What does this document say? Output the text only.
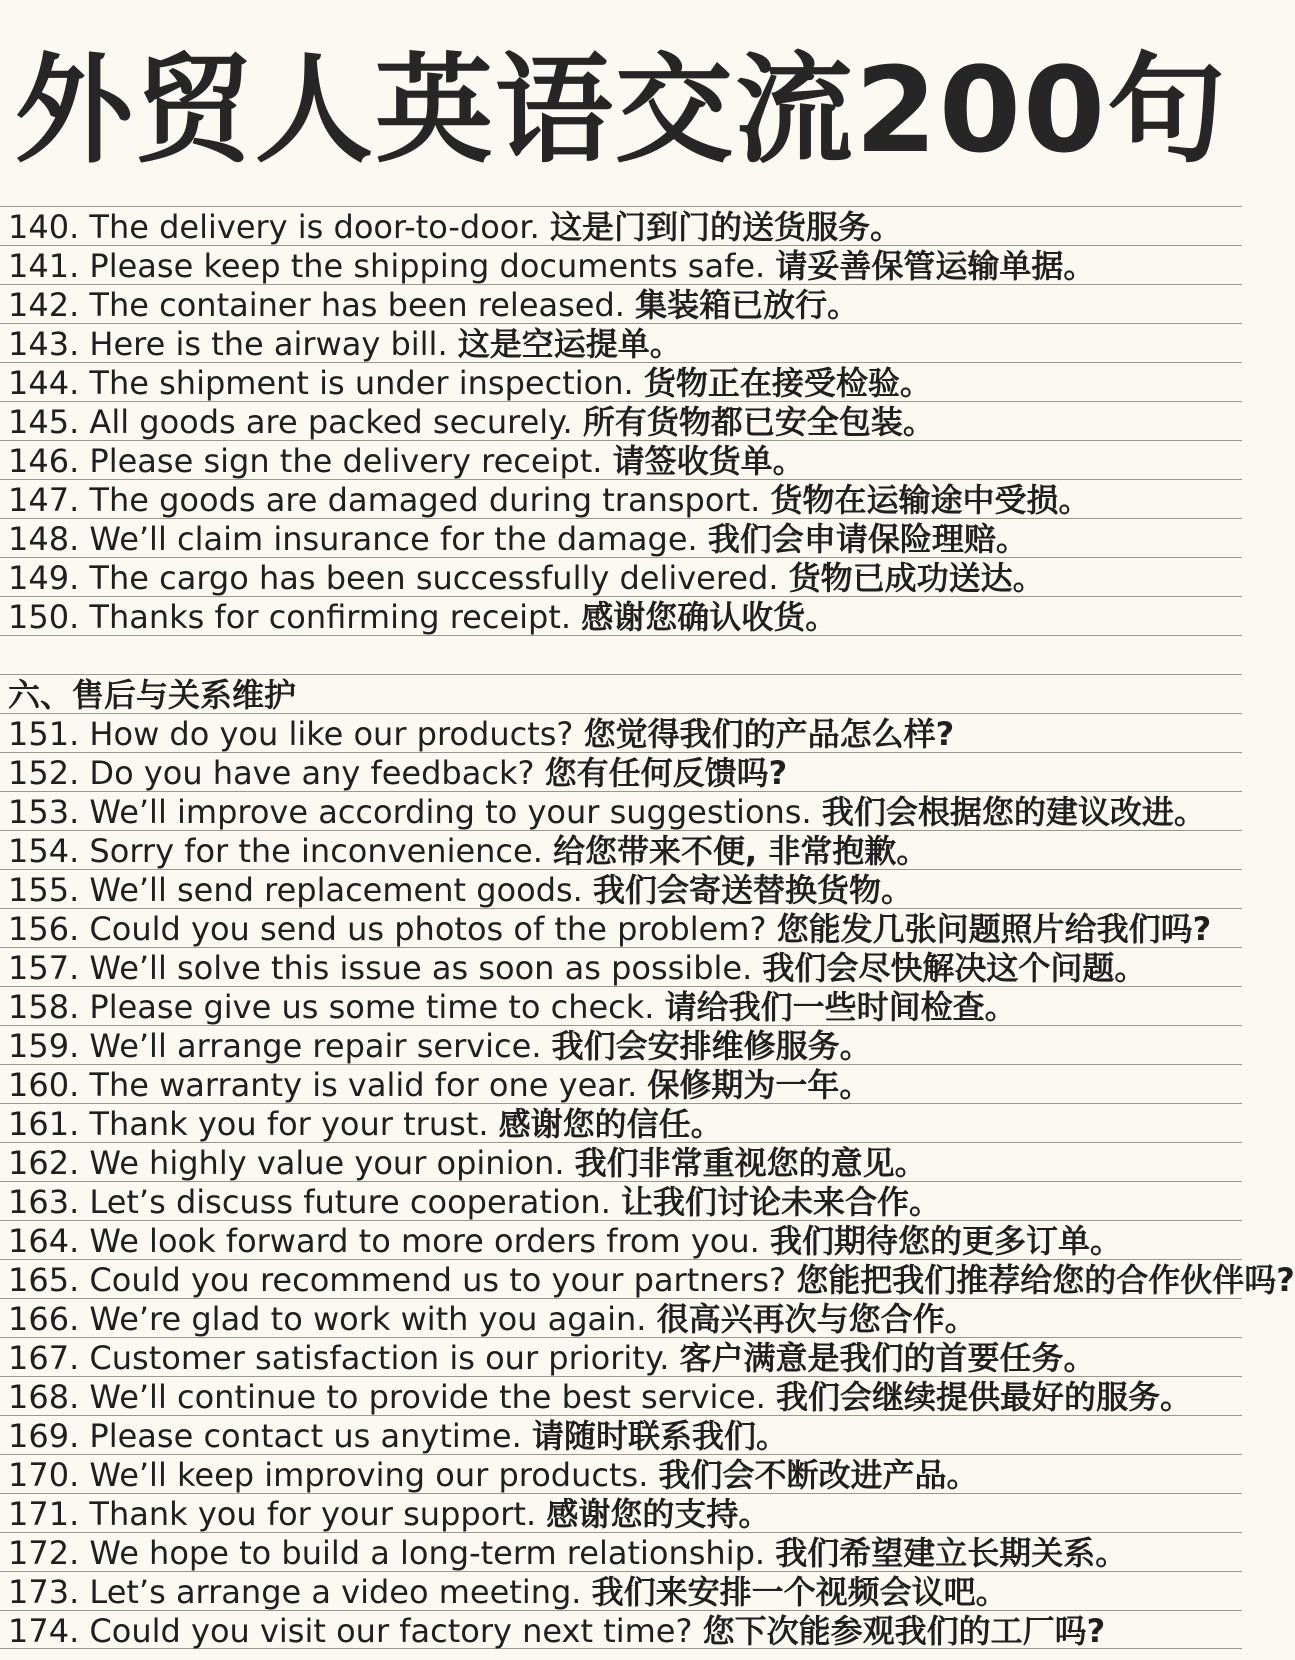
外贸人英语交流200句
140. The delivery is door-to-door. 这是门到门的送货服务。
141. Please keep the shipping documents safe. 请妥善保管运输单据。
142. The container has been released. 集装箱已放行。
143. Here is the airway bill. 这是空运提单。
144. The shipment is under inspection. 货物正在接受检验。
145. All goods are packed securely. 所有货物都已安全包装。
146. Please sign the delivery receipt. 请签收货单。
147. The goods are damaged during transport. 货物在运输途中受损。
148. We’ll claim insurance for the damage. 我们会申请保险理赔。
149. The cargo has been successfully delivered. 货物已成功送达。
150. Thanks for confirming receipt. 感谢您确认收货。
六、售后与关系维护
151. How do you like our products? 您觉得我们的产品怎么样?
152. Do you have any feedback? 您有任何反馈吗?
153. We’ll improve according to your suggestions. 我们会根据您的建议改进。
154. Sorry for the inconvenience. 给您带来不便, 非常抱歉。
155. We’ll send replacement goods. 我们会寄送替换货物。
156. Could you send us photos of the problem? 您能发几张问题照片给我们吗?
157. We’ll solve this issue as soon as possible. 我们会尽快解决这个问题。
158. Please give us some time to check. 请给我们一些时间检查。
159. We’ll arrange repair service. 我们会安排维修服务。
160. The warranty is valid for one year. 保修期为一年。
161. Thank you for your trust. 感谢您的信任。
162. We highly value your opinion. 我们非常重视您的意见。
163. Let’s discuss future cooperation. 让我们讨论未来合作。
164. We look forward to more orders from you. 我们期待您的更多订单。
165. Could you recommend us to your partners? 您能把我们推荐给您的合作伙伴吗?
166. We’re glad to work with you again. 很高兴再次与您合作。
167. Customer satisfaction is our priority. 客户满意是我们的首要任务。
168. We’ll continue to provide the best service. 我们会继续提供最好的服务。
169. Please contact us anytime. 请随时联系我们。
170. We’ll keep improving our products. 我们会不断改进产品。
171. Thank you for your support. 感谢您的支持。
172. We hope to build a long-term relationship. 我们希望建立长期关系。
173. Let’s arrange a video meeting. 我们来安排一个视频会议吧。
174. Could you visit our factory next time? 您下次能参观我们的工厂吗?
